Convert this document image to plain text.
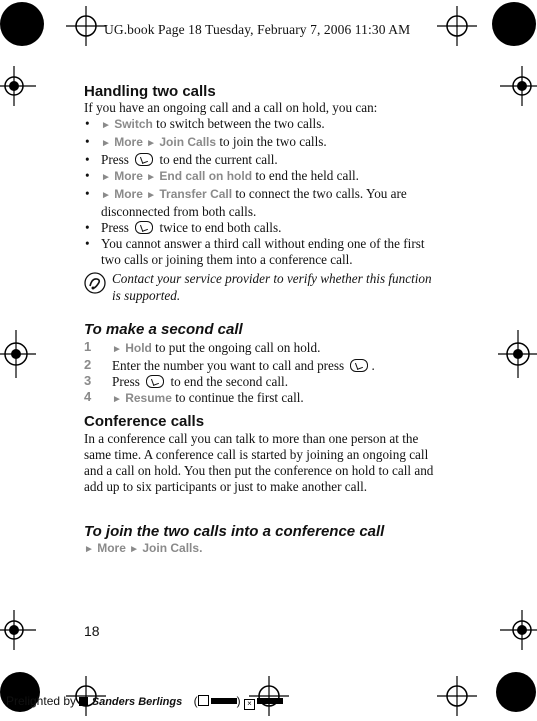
UG.book Page 18 Tuesday, February 7, 2006 11:30 AM
Handling two calls
If you have an ongoing call and a call on hold, you can:
• ► Switch to switch between the two calls.
• ► More ► Join Calls to join the two calls.
• Press  to end the current call.
• ► More ► End call on hold to end the held call.
• ► More ► Transfer Call to connect the two calls. You are disconnected from both calls.
• Press  twice to end both calls.
• You cannot answer a third call without ending one of the first two calls or joining them into a conference call.
Contact your service provider to verify whether this function is supported.
To make a second call
1 ► Hold to put the ongoing call on hold.
2 Enter the number you want to call and press .
3 Press  to end the second call.
4 ► Resume to continue the first call.
Conference calls
In a conference call you can talk to more than one person at the same time. A conference call is started by joining an ongoing call and a call on hold. You then put the conference on hold to call and add up to six participants or just to make another call.
To join the two calls into a conference call
► More ► Join Calls.
18
Prelighted by Sanders Berlings (	) ×
